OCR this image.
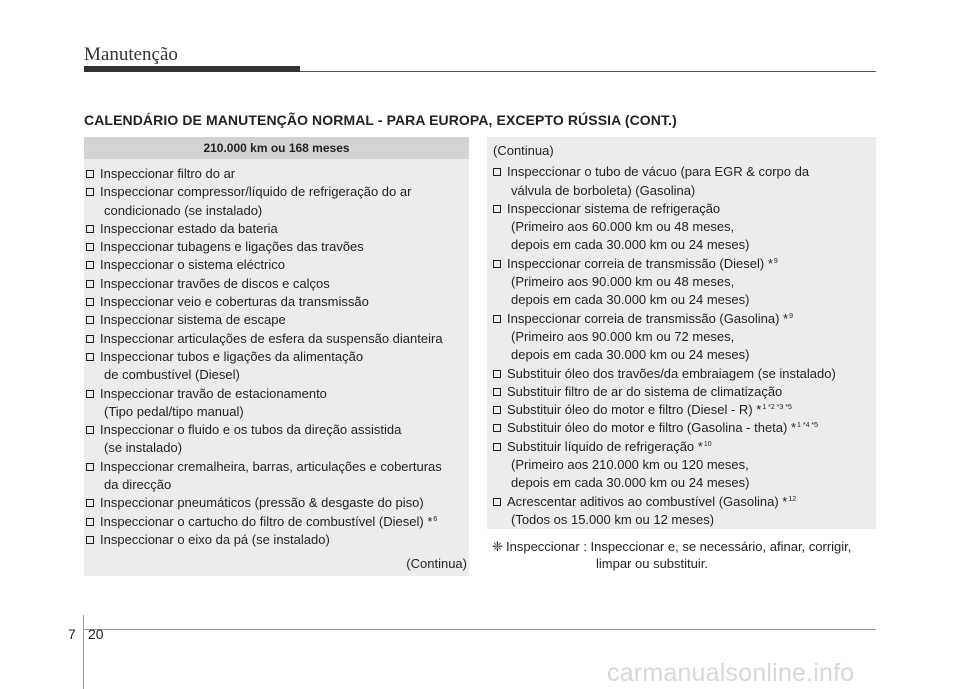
Manutenção
CALENDÁRIO DE MANUTENÇÃO NORMAL - PARA EUROPA, EXCEPTO RÚSSIA (CONT.)
210.000 km ou 168 meses
Inspeccionar filtro do ar
Inspeccionar compressor/líquido de refrigeração do ar
condicionado (se instalado)
Inspeccionar estado da bateria
Inspeccionar tubagens e ligações das travões
Inspeccionar o sistema eléctrico
Inspeccionar travões de discos e calços
Inspeccionar veio e coberturas da transmissão
Inspeccionar sistema de escape
Inspeccionar articulações de esfera da suspensão dianteira
Inspeccionar tubos e ligações da alimentação
de combustível (Diesel)
Inspeccionar travão de estacionamento
(Tipo pedal/tipo manual)
Inspeccionar o fluido e os tubos da direção assistida
(se instalado)
Inspeccionar cremalheira, barras, articulações e coberturas
da direcção
Inspeccionar pneumáticos (pressão & desgaste do piso)
Inspeccionar o cartucho do filtro de combustível (Diesel) *$^6$
Inspeccionar o eixo da pá (se instalado)
(Continua)
(Continua)
Inspeccionar o tubo de vácuo (para EGR & corpo da
válvula de borboleta) (Gasolina)
Inspeccionar sistema de refrigeração
(Primeiro aos 60.000 km ou 48 meses,
depois em cada 30.000 km ou 24 meses)
Inspeccionar correia de transmissão (Diesel) *$^9$
(Primeiro aos 90.000 km ou 48 meses,
depois em cada 30.000 km ou 24 meses)
Inspeccionar correia de transmissão (Gasolina) *$^9$
(Primeiro aos 90.000 km ou 72 meses,
depois em cada 30.000 km ou 24 meses)
Substituir óleo dos travões/da embraiagem (se instalado)
Substituir filtro de ar do sistema de climatização
Substituir óleo do motor e filtro (Diesel - R) *$^{1 *2 *3 *5}$
Substituir óleo do motor e filtro (Gasolina - theta) *$^{1 *4 *5}$
Substituir líquido de refrigeração *$^{10}$
(Primeiro aos 210.000 km ou 120 meses,
depois em cada 30.000 km ou 24 meses)
Acrescentar aditivos ao combustível (Gasolina) *$^{12}$
(Todos os 15.000 km ou 12 meses)
❈ Inspeccionar : Inspeccionar e, se necessário, afinar, corrigir,
limpar ou substituir.
7 20
carmanualsonline.info
